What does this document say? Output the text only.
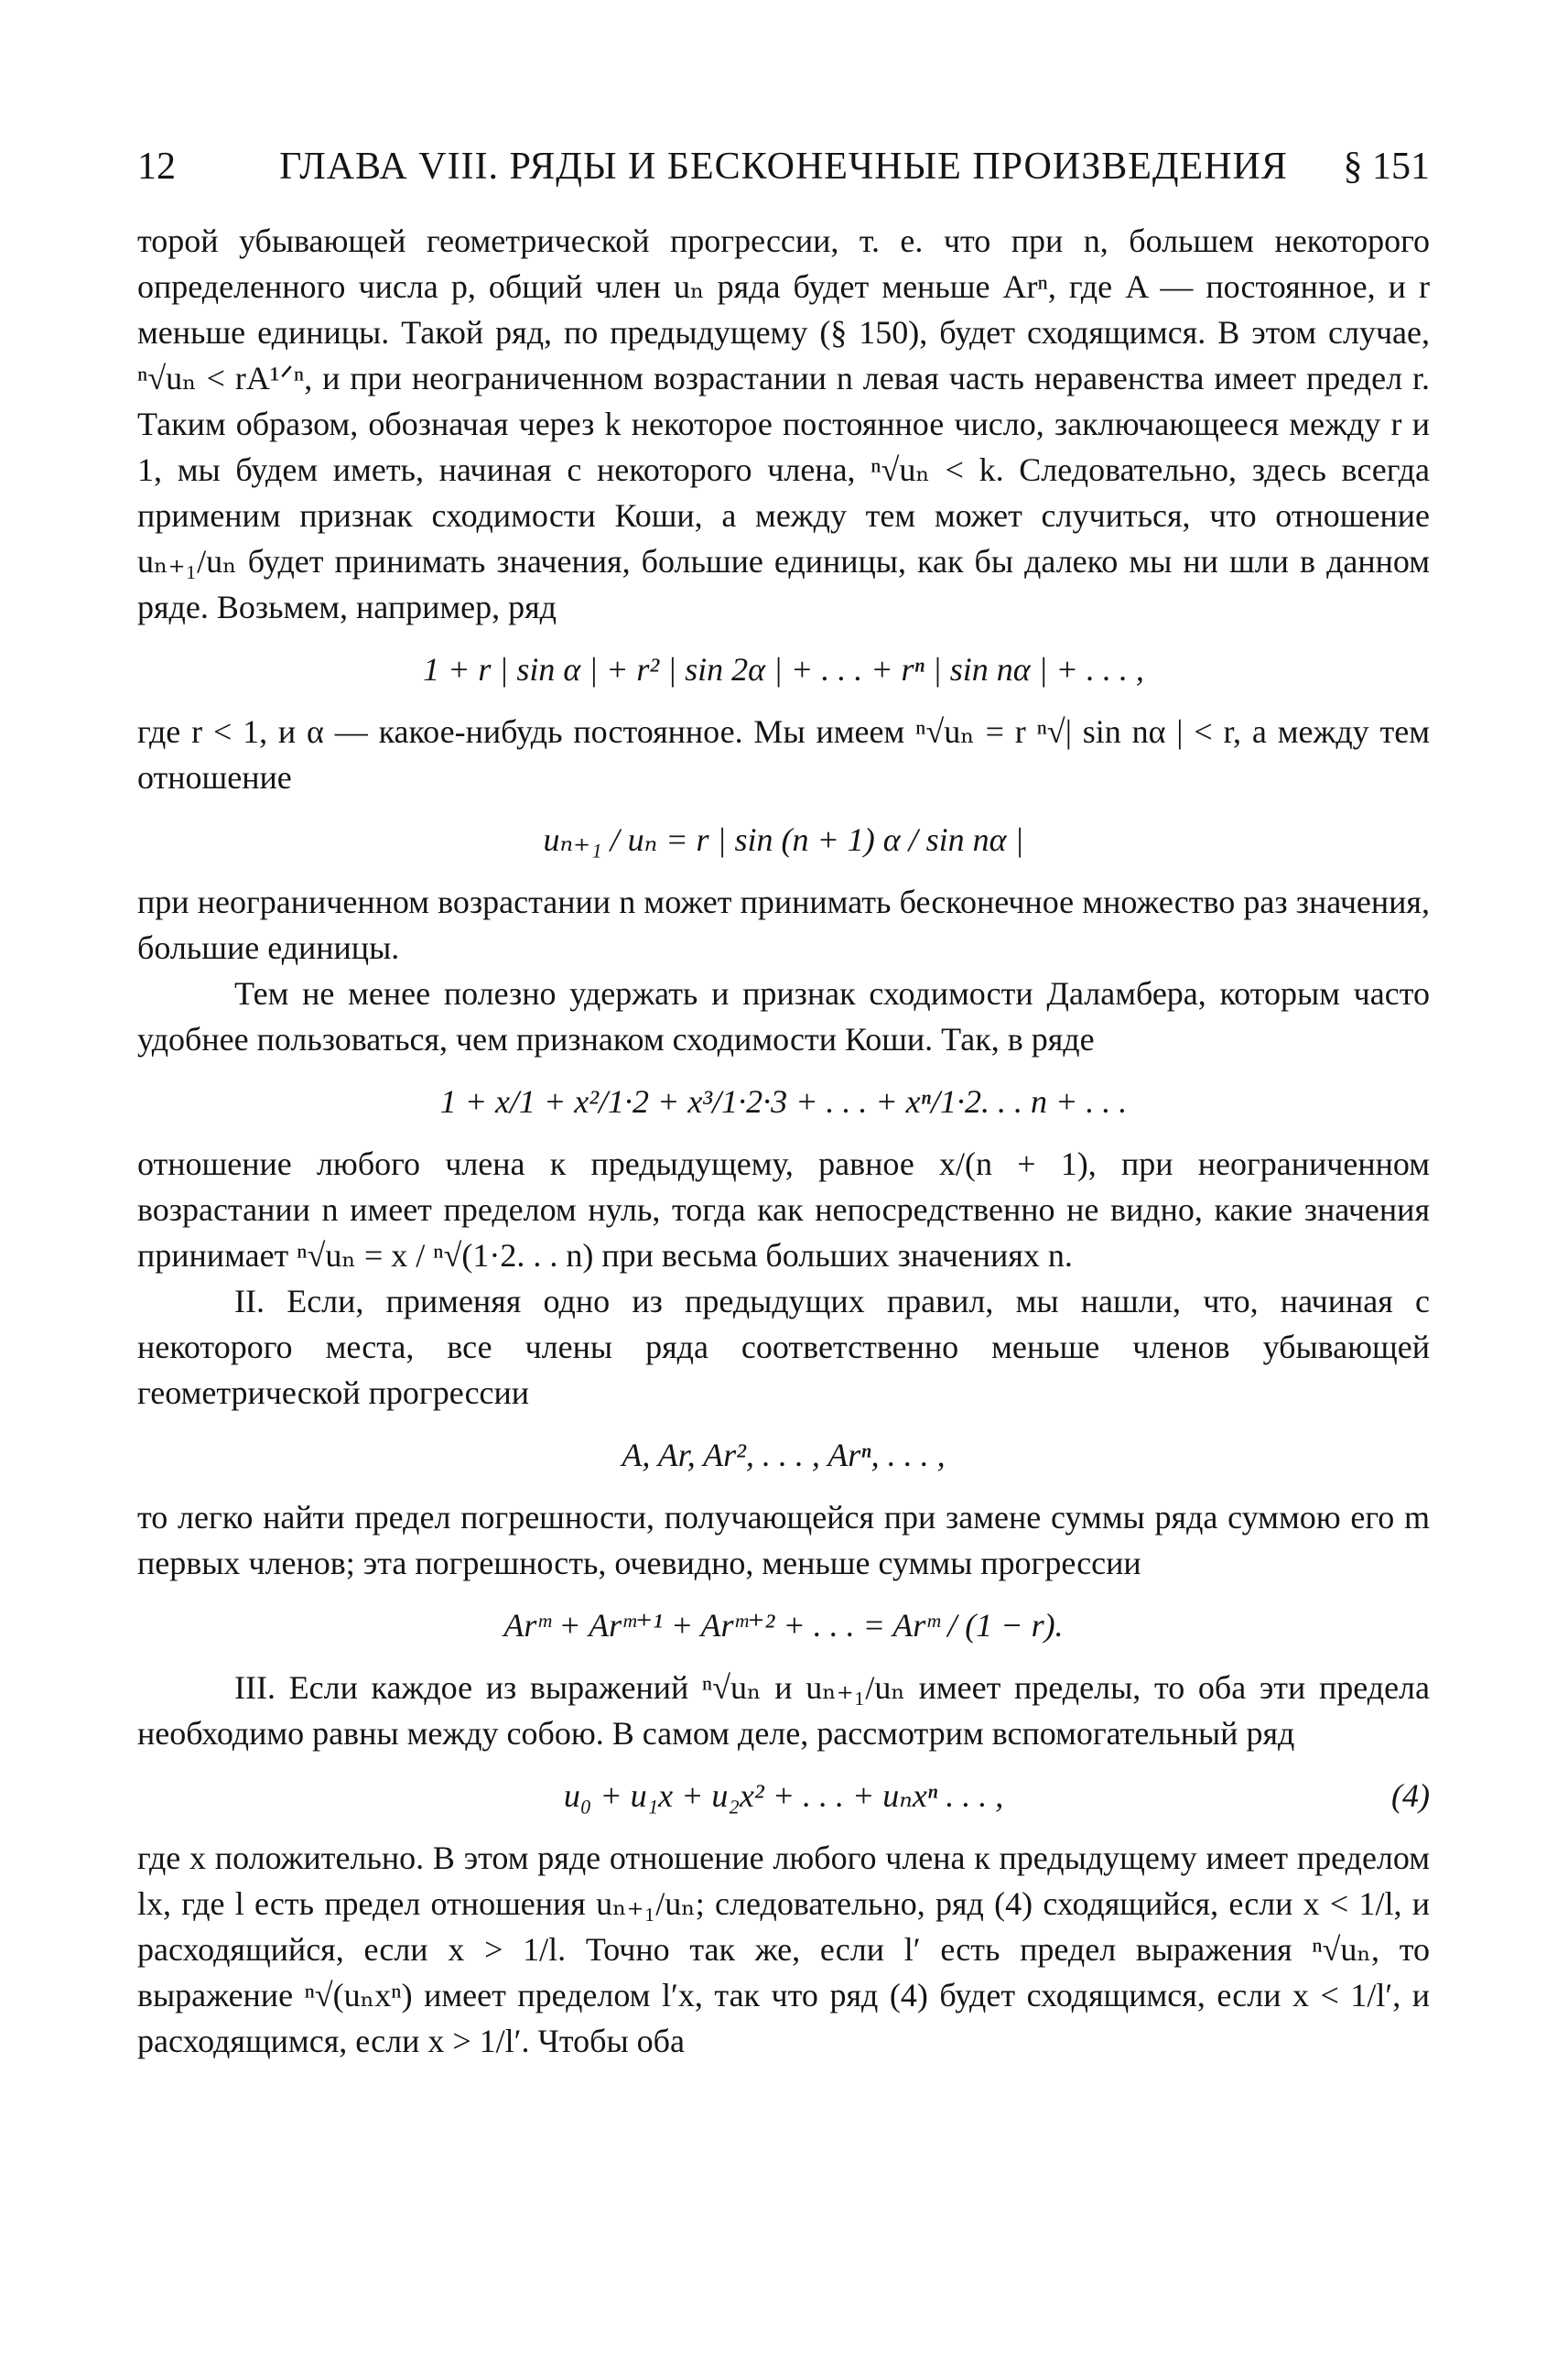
12	ГЛАВА VIII. РЯДЫ И БЕСКОНЕЧНЫЕ ПРОИЗВЕДЕНИЯ	§ 151

торой убывающей геометрической прогрессии, т. е. что при n, большем некоторого определенного числа p, общий член uₙ ряда будет меньше Arⁿ, где A — постоянное, и r меньше единицы. Такой ряд, по предыдущему (§ 150), будет сходящимся. В этом случае, ⁿ√uₙ < rA¹ᐟⁿ, и при неограниченном возрастании n левая часть неравенства имеет предел r. Таким образом, обозначая через k некоторое постоянное число, заключающееся между r и 1, мы будем иметь, начиная с некоторого члена, ⁿ√uₙ < k. Следовательно, здесь всегда применим признак сходимости Коши, а между тем может случиться, что отношение uₙ₊₁/uₙ будет принимать значения, большие единицы, как бы далеко мы ни шли в данном ряде. Возьмем, например, ряд

1 + r | sin α | + r² | sin 2α | + . . . + rⁿ | sin nα | + . . . ,

где r < 1, и α — какое-нибудь постоянное. Мы имеем ⁿ√uₙ = r ⁿ√| sin nα | < r, а между тем отношение

uₙ₊₁ / uₙ = r | sin (n + 1) α / sin nα |

при неограниченном возрастании n может принимать бесконечное множество раз значения, большие единицы.

Тем не менее полезно удержать и признак сходимости Даламбера, которым часто удобнее пользоваться, чем признаком сходимости Коши. Так, в ряде

1 + x/1 + x²/1·2 + x³/1·2·3 + . . . + xⁿ/1·2. . . n + . . .

отношение любого члена к предыдущему, равное x/(n + 1), при неограниченном возрастании n имеет пределом нуль, тогда как непосредственно не видно, какие значения принимает ⁿ√uₙ = x / ⁿ√(1·2. . . n) при весьма больших значениях n.

II. Если, применяя одно из предыдущих правил, мы нашли, что, начиная с некоторого места, все члены ряда соответственно меньше членов убывающей геометрической прогрессии

A, Ar, Ar², . . . , Arⁿ, . . . ,

то легко найти предел погрешности, получающейся при замене суммы ряда суммою его m первых членов; эта погрешность, очевидно, меньше суммы прогрессии

Arᵐ + Arᵐ⁺¹ + Arᵐ⁺² + . . . = Arᵐ / (1 − r).

III. Если каждое из выражений ⁿ√uₙ и uₙ₊₁/uₙ имеет пределы, то оба эти предела необходимо равны между собою. В самом деле, рассмотрим вспомогательный ряд

u₀ + u₁x + u₂x² + . . . + uₙxⁿ . . . ,	(4)

где x положительно. В этом ряде отношение любого члена к предыдущему имеет пределом lx, где l есть предел отношения uₙ₊₁/uₙ; следовательно, ряд (4) сходящийся, если x < 1/l, и расходящийся, если x > 1/l. Точно так же, если l′ есть предел выражения ⁿ√uₙ, то выражение ⁿ√(uₙxⁿ) имеет пределом l′x, так что ряд (4) будет сходящимся, если x < 1/l′, и расходящимся, если x > 1/l′. Чтобы оба
